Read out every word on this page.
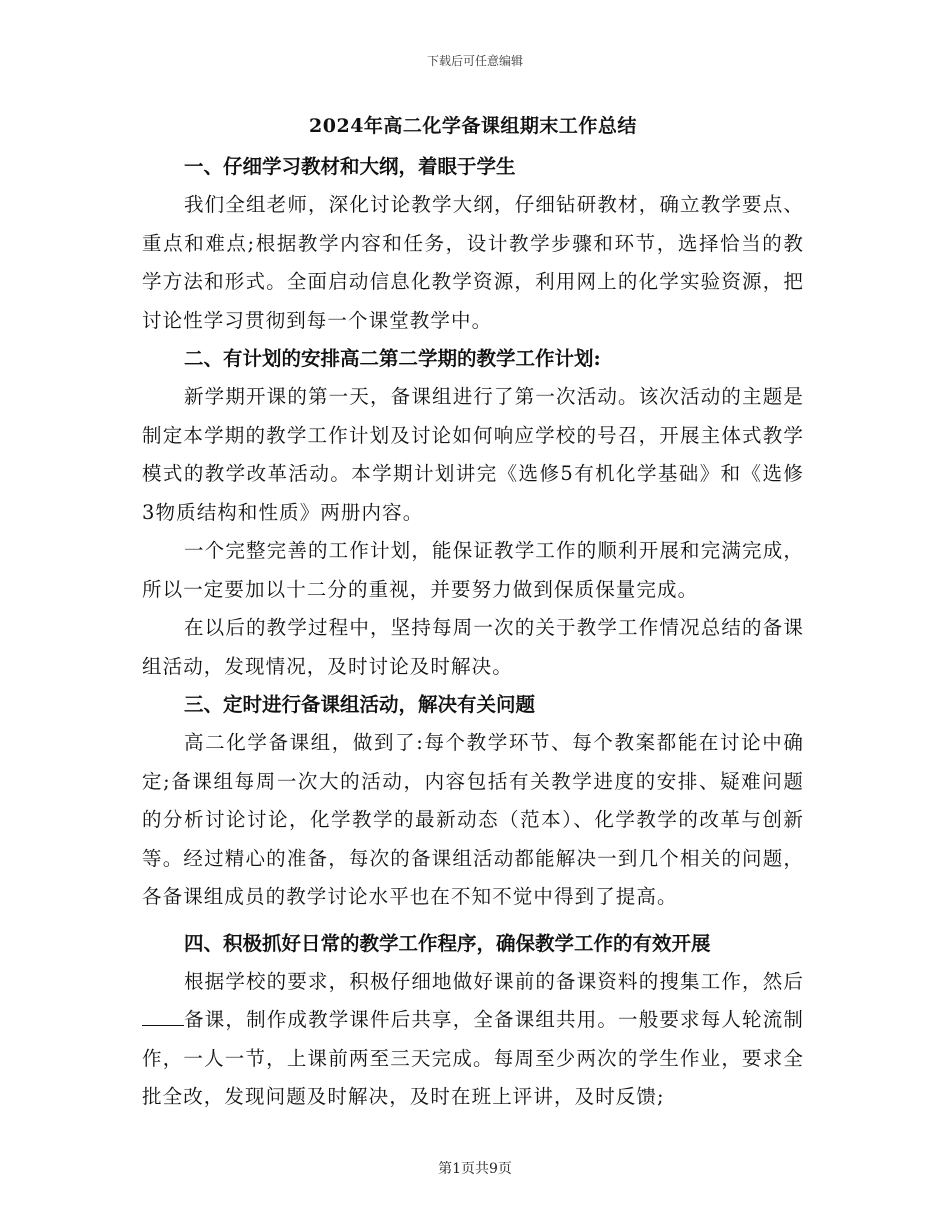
下载后可任意编辑
2024年高二化学备课组期末工作总结

一、仔细学习教材和大纲，着眼于学生

我们全组老师，深化讨论教学大纲，仔细钻研教材，确立教学要点、重点和难点;根据教学内容和任务，设计教学步骤和环节，选择恰当的教学方法和形式。全面启动信息化教学资源，利用网上的化学实验资源，把讨论性学习贯彻到每一个课堂教学中。

二、有计划的安排高二第二学期的教学工作计划:

新学期开课的第一天，备课组进行了第一次活动。该次活动的主题是制定本学期的教学工作计划及讨论如何响应学校的号召，开展主体式教学模式的教学改革活动。本学期计划讲完《选修5有机化学基础》和《选修3物质结构和性质》两册内容。

一个完整完善的工作计划，能保证教学工作的顺利开展和完满完成，所以一定要加以十二分的重视，并要努力做到保质保量完成。

在以后的教学过程中，坚持每周一次的关于教学工作情况总结的备课组活动，发现情况，及时讨论及时解决。

三、定时进行备课组活动，解决有关问题

高二化学备课组，做到了:每个教学环节、每个教案都能在讨论中确定;备课组每周一次大的活动，内容包括有关教学进度的安排、疑难问题的分析讨论讨论，化学教学的最新动态（范本）、化学教学的改革与创新等。经过精心的准备，每次的备课组活动都能解决一到几个相关的问题，各备课组成员的教学讨论水平也在不知不觉中得到了提高。

四、积极抓好日常的教学工作程序，确保教学工作的有效开展

根据学校的要求，积极仔细地做好课前的备课资料的搜集工作，然后备课，制作成教学课件后共享，全备课组共用。一般要求每人轮流制作，一人一节，上课前两至三天完成。每周至少两次的学生作业，要求全批全改，发现问题及时解决，及时在班上评讲，及时反馈;

第1页共9页
